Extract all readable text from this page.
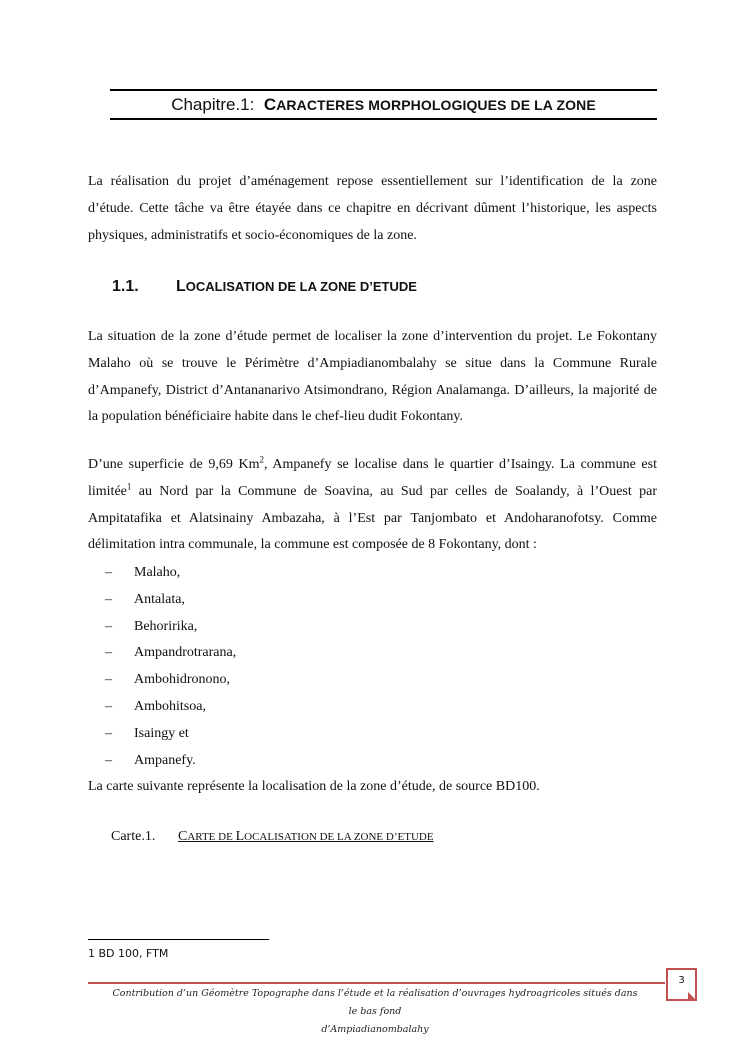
Chapitre.1: CARACTERES MORPHOLOGIQUES DE LA ZONE
La réalisation du projet d’aménagement repose essentiellement sur l’identification de la zone d’étude. Cette tâche va être étayée dans ce chapitre en décrivant dûment l’historique, les aspects physiques, administratifs et socio-économiques de la zone.
1.1. LOCALISATION DE LA ZONE D’ETUDE
La situation de la zone d’étude permet de localiser la zone d’intervention du projet. Le Fokontany Malaho où se trouve le Périmètre d’Ampiadianombalahy se situe dans la Commune Rurale d’Ampanefy, District d’Antananarivo Atsimondrano, Région Analamanga. D’ailleurs, la majorité de la population bénéficiaire habite dans le chef-lieu dudit Fokontany.
D’une superficie de 9,69 Km$^2$, Ampanefy se localise dans le quartier d’Isaingy. La commune est limitée$^1$ au Nord par la Commune de Soavina, au Sud par celles de Soalandy, à l’Ouest par Ampitatafika et Alatsinainy Ambazaha, à l’Est par Tanjombato et Andoharanofotsy. Comme délimitation intra communale, la commune est composée de 8 Fokontany, dont :
– Malaho,
– Antalata,
– Behoririka,
– Ampandrotrarana,
– Ambohidronono,
– Ambohitsoa,
– Isaingy et
– Ampanefy.
La carte suivante représente la localisation de la zone d’étude, de source BD100.
Carte.1. CARTE DE LOCALISATION DE LA ZONE D’ETUDE
1 BD 100, FTM
Contribution d’un Géomètre Topographe dans l’étude et la réalisation d’ouvrages hydroagricoles situés dans le bas fond
d’Ampiadianombalahy
3
